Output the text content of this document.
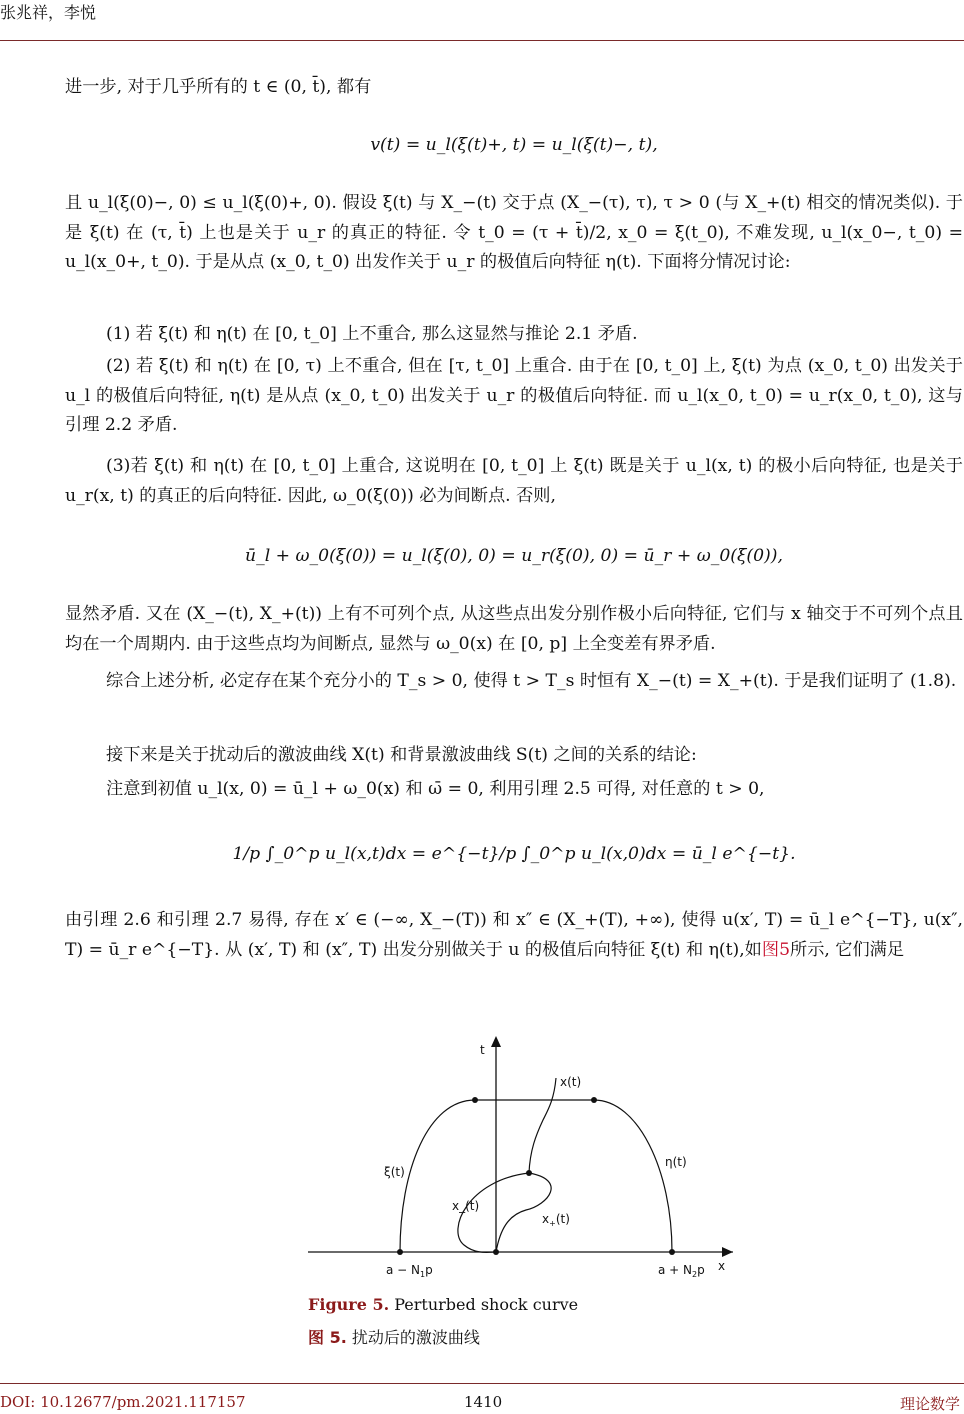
张兆祥，李悦
进一步, 对于几乎所有的 t ∈ (0, t̄), 都有
v(t) = u_l(ξ(t)+, t) = u_l(ξ(t)−, t),
且 u_l(ξ(0)−, 0) ≤ u_l(ξ(0)+, 0). 假设 ξ(t) 与 X_−(t) 交于点 (X_−(τ), τ), τ > 0 (与 X_+(t) 相交的情况类似). 于是 ξ(t) 在 (τ, t̄) 上也是关于 u_r 的真正的特征. 令 t_0 = (τ + t̄)/2, x_0 = ξ(t_0), 不难发现, u_l(x_0−, t_0) = u_l(x_0+, t_0). 于是从点 (x_0, t_0) 出发作关于 u_r 的极值后向特征 η(t). 下面将分情况讨论:
(1) 若 ξ(t) 和 η(t) 在 [0, t_0] 上不重合, 那么这显然与推论 2.1 矛盾.
(2) 若 ξ(t) 和 η(t) 在 [0, τ) 上不重合, 但在 [τ, t_0] 上重合. 由于在 [0, t_0] 上, ξ(t) 为点 (x_0, t_0) 出发关于 u_l 的极值后向特征, η(t) 是从点 (x_0, t_0) 出发关于 u_r 的极值后向特征. 而 u_l(x_0, t_0) = u_r(x_0, t_0), 这与引理 2.2 矛盾.
(3)若 ξ(t) 和 η(t) 在 [0, t_0] 上重合, 这说明在 [0, t_0] 上 ξ(t) 既是关于 u_l(x, t) 的极小后向特征, 也是关于 u_r(x, t) 的真正的后向特征. 因此, ω_0(ξ(0)) 必为间断点. 否则,
ū_l + ω_0(ξ(0)) = u_l(ξ(0), 0) = u_r(ξ(0), 0) = ū_r + ω_0(ξ(0)),
显然矛盾. 又在 (X_−(t), X_+(t)) 上有不可列个点, 从这些点出发分别作极小后向特征, 它们与 x 轴交于不可列个点且均在一个周期内. 由于这些点均为间断点, 显然与 ω_0(x) 在 [0, p] 上全变差有界矛盾.
综合上述分析, 必定存在某个充分小的 T_s > 0, 使得 t > T_s 时恒有 X_−(t) = X_+(t). 于是我们证明了 (1.8).
接下来是关于扰动后的激波曲线 X(t) 和背景激波曲线 S(t) 之间的关系的结论:
注意到初值 u_l(x, 0) = ū_l + ω_0(x) 和 ω̄ = 0, 利用引理 2.5 可得, 对任意的 t > 0,
1/p ∫_0^p u_l(x,t)dx = e^{−t}/p ∫_0^p u_l(x,0)dx = ū_l e^{−t}.
由引理 2.6 和引理 2.7 易得, 存在 x′ ∈ (−∞, X_−(T)) 和 x″ ∈ (X_+(T), +∞), 使得 u(x′, T) = ū_l e^{−T}, u(x″, T) = ū_r e^{−T}. 从 (x′, T) 和 (x″, T) 出发分别做关于 u 的极值后向特征 ξ(t) 和 η(t),如图5所示, 它们满足
t
x
x(t)
ξ(t)
η(t)
x_(t)
$x_+(t)$
$a - N_1p$	$a + N_2p$
Figure 5. Perturbed shock curve
图 5. 扰动后的激波曲线
DOI: 10.12677/pm.2021.117157	1410	理论数学
